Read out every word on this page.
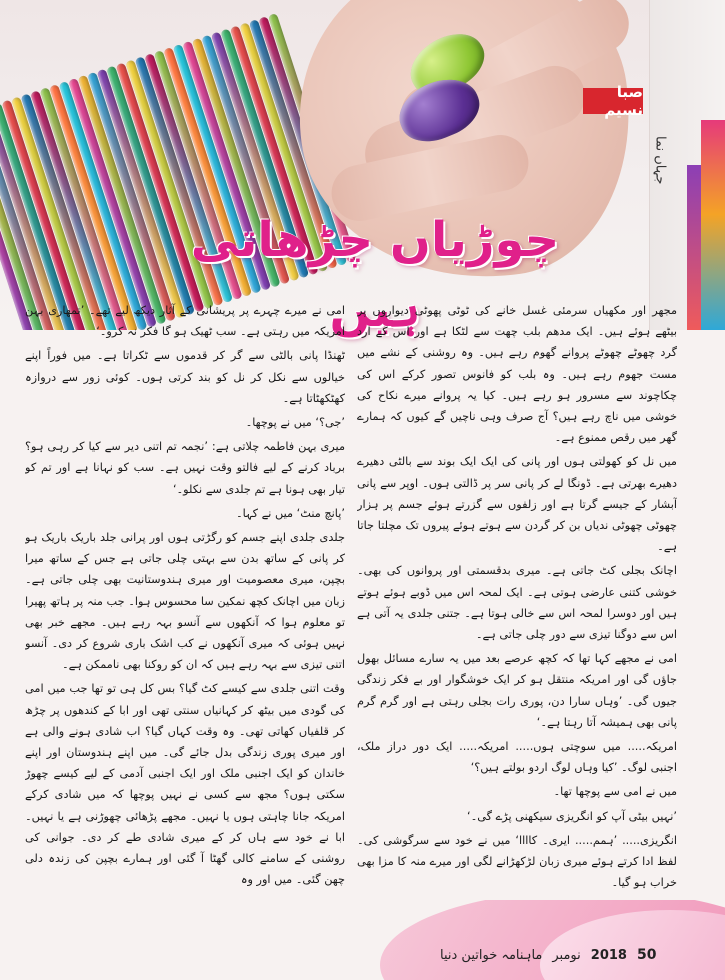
جہاں نما
صبا نسیم
چوڑیاں چڑھاتی ہیں

مجھر اور مکھیاں سرمئی غسل خانے کی ٹوٹی پھوٹی دیواروں پر بیٹھے ہوئے ہیں۔ ایک مدھم بلب چھت سے لٹکا ہے اور اس کے ارد گرد چھوٹے چھوٹے پروانے گھوم رہے ہیں۔ وہ روشنی کے نشے میں مست جھوم رہے ہیں۔ وہ بلب کو فانوس تصور کرکے اس کی چکاچوند سے مسرور ہو رہے ہیں۔ کیا یہ پروانے میرے نکاح کی خوشی میں ناچ رہے ہیں؟ آج صرف وہی ناچیں گے کیوں کہ ہمارے گھر میں رقص ممنوع ہے۔

میں نل کو کھولتی ہوں اور پانی کی ایک ایک بوند سے بالٹی دھیرے دھیرے بھرتی ہے۔ ڈونگا لے کر پانی سر پر ڈالتی ہوں۔ اوپر سے پانی آبشار کے جیسے گرتا ہے اور زلفوں سے گزرتے ہوئے جسم پر ہزار چھوٹی چھوٹی ندیاں بن کر گردن سے ہوتے ہوئے پیروں تک مچلتا جاتا ہے۔

اچانک بجلی کٹ جاتی ہے۔ میری بدقسمتی اور پروانوں کی بھی۔ خوشی کتنی عارضی ہوتی ہے۔ ایک لمحہ اس میں ڈوبے ہوئے ہوتے ہیں اور دوسرا لمحہ اس سے خالی ہوتا ہے۔ جتنی جلدی یہ آتی ہے اس سے دوگنا تیزی سے دور چلی جاتی ہے۔

امی نے مجھے کہا تھا کہ کچھ عرصے بعد میں یہ سارے مسائل بھول جاؤں گی اور امریکہ منتقل ہو کر ایک خوشگوار اور بے فکر زندگی جیوں گی۔ ’وہاں سارا دن، پوری رات بجلی رہتی ہے اور گرم گرم پانی بھی ہمیشہ آتا رہتا ہے۔‘

امریکہ..... میں سوچتی ہوں..... امریکہ..... ایک دور دراز ملک، اجنبی لوگ۔ ’کیا وہاں لوگ اردو بولتے ہیں؟‘

میں نے امی سے پوچھا تھا۔

’نہیں بیٹی آپ کو انگریزی سیکھنی پڑے گی۔‘

انگریزی..... ’ہمم..... ایری۔ کاااا‘ میں نے خود سے سرگوشی کی۔ لفظ ادا کرتے ہوئے میری زبان لڑکھڑانے لگی اور میرے منہ کا مزا بھی خراب ہو گیا۔

امی نے میرے چہرے پر پریشانی کے آثار دیکھ لیے تھے۔ ’تمھاری بہن امریکہ میں رہتی ہے۔ سب ٹھیک ہو گا فکر نہ کرو۔‘

ٹھنڈا پانی بالٹی سے گر کر قدموں سے ٹکراتا ہے۔ میں فوراً اپنے خیالوں سے نکل کر نل کو بند کرتی ہوں۔ کوئی زور سے دروازہ کھٹکھٹاتا ہے۔

’جی؟‘ میں نے پوچھا۔

میری بہن فاطمہ چلاتی ہے: ’نجمہ تم اتنی دیر سے کیا کر رہی ہو؟ برباد کرنے کے لیے فالتو وقت نہیں ہے۔ سب کو نہانا ہے اور تم کو تیار بھی ہونا ہے تم جلدی سے نکلو۔‘

’پانچ منٹ‘ میں نے کہا۔

جلدی جلدی اپنے جسم کو رگڑتی ہوں اور پرانی جلد باریک باریک ہو کر پانی کے ساتھ بدن سے بہتی چلی جاتی ہے جس کے ساتھ میرا بچپن، میری معصومیت اور میری ہندوستانیت بھی چلی جاتی ہے۔ زبان میں اچانک کچھ نمکین سا محسوس ہوا۔ جب منہ پر ہاتھ پھیرا تو معلوم ہوا کہ آنکھوں سے آنسو بہہ رہے ہیں۔ مجھے خبر بھی نہیں ہوئی کہ میری آنکھوں نے کب اشک باری شروع کر دی۔ آنسو اتنی تیزی سے بہہ رہے ہیں کہ ان کو روکنا بھی ناممکن ہے۔

وقت اتنی جلدی سے کیسے کٹ گیا؟ بس کل ہی تو تھا جب میں امی کی گودی میں بیٹھ کر کہانیاں سنتی تھی اور ابا کے کندھوں پر چڑھ کر قلفیاں کھاتی تھی۔ وہ وقت کہاں گیا؟ اب شادی ہونے والی ہے اور میری پوری زندگی بدل جائے گی۔ میں اپنے ہندوستان اور اپنے خاندان کو ایک اجنبی ملک اور ایک اجنبی آدمی کے لیے کیسے چھوڑ سکتی ہوں؟ مجھ سے کسی نے نہیں پوچھا کہ میں شادی کرکے امریکہ جانا چاہتی ہوں یا نہیں۔ مجھے پڑھائی چھوڑنی ہے یا نہیں۔ ابا نے خود سے ہاں کر کے میری شادی طے کر دی۔ جوانی کی روشنی کے سامنے کالی گھٹا آ گئی اور ہمارے بچپن کی زندہ دلی چھن گئی۔ میں اور وہ

ماہنامہ خواتین دنیا نومبر 2018 50
